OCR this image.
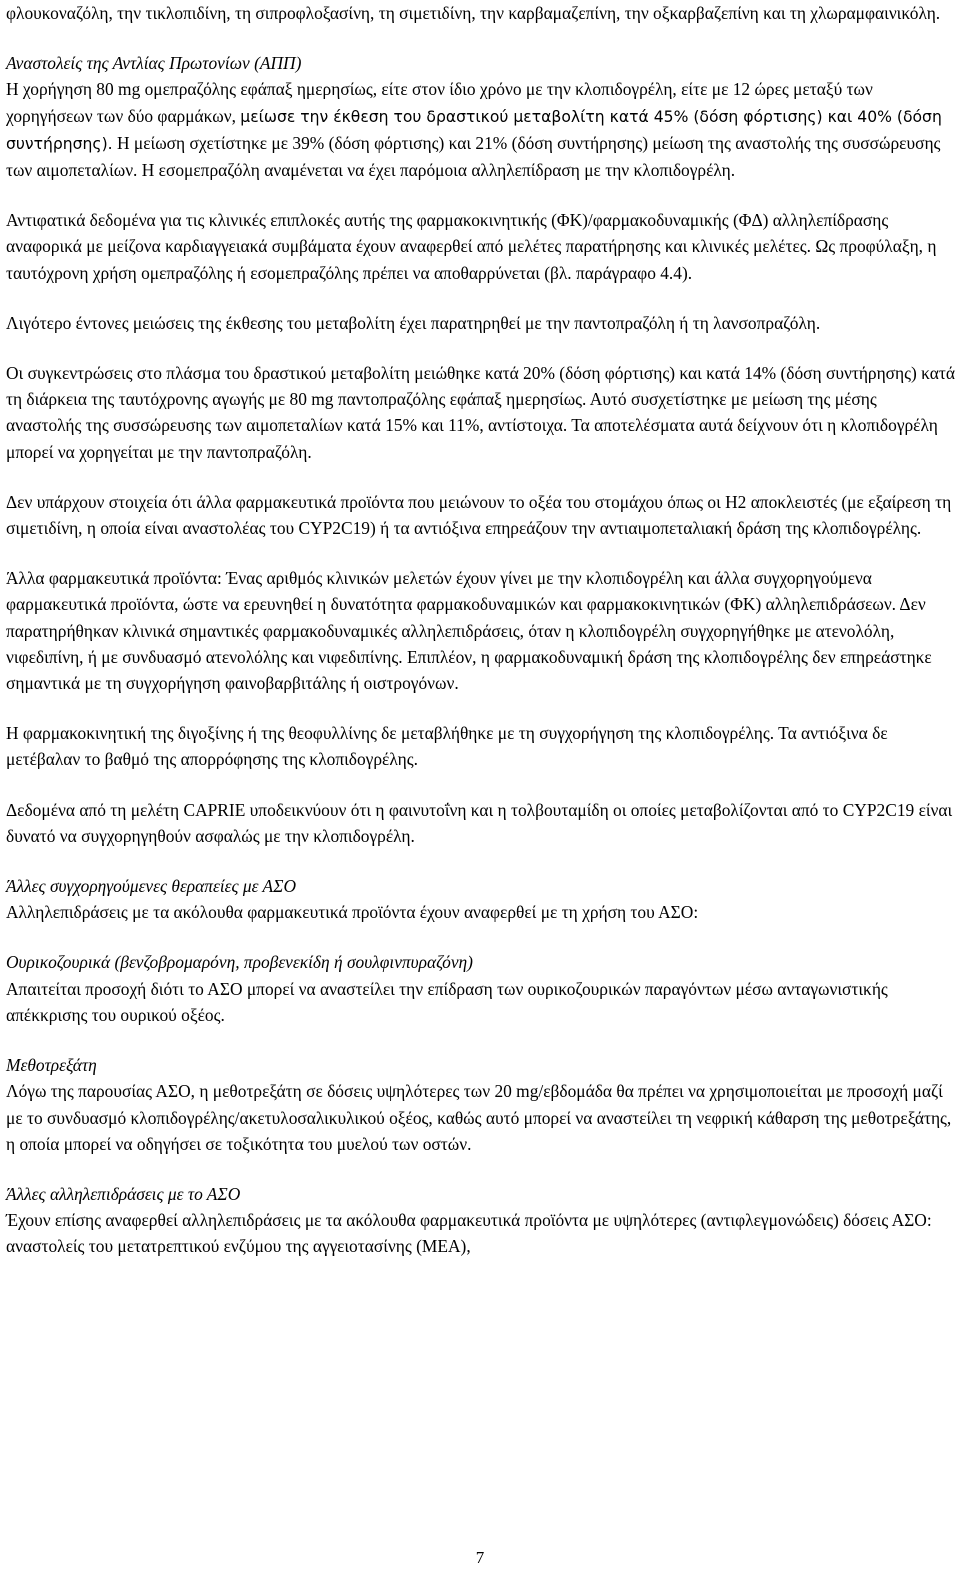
φλουκοναζόλη, την τικλοπιδίνη, τη σιπροφλοξασίνη, τη σιμετιδίνη, την καρβαμαζεπίνη, την οξκαρβαζεπίνη και τη χλωραμφαινικόλη.

Αναστολείς της Αντλίας Πρωτονίων (ΑΠΠ)

Η χορήγηση 80 mg ομεπραζόλης εφάπαξ ημερησίως, είτε στον ίδιο χρόνο με την κλοπιδογρέλη, είτε με 12 ώρες μεταξύ των χορηγήσεων των δύο φαρμάκων, μείωσε την έκθεση του δραστικού μεταβολίτη κατά 45% (δόση φόρτισης) και 40% (δόση συντήρησης). Η μείωση σχετίστηκε με 39% (δόση φόρτισης) και 21% (δόση συντήρησης) μείωση της αναστολής της συσσώρευσης των αιμοπεταλίων. Η εσομεπραζόλη αναμένεται να έχει παρόμοια αλληλεπίδραση με την κλοπιδογρέλη.

Αντιφατικά δεδομένα για τις κλινικές επιπλοκές αυτής της φαρμακοκινητικής (ΦΚ)/φαρμακοδυναμικής (ΦΔ) αλληλεπίδρασης αναφορικά με μείζονα καρδιαγγειακά συμβάματα έχουν αναφερθεί από μελέτες παρατήρησης και κλινικές μελέτες. Ως προφύλαξη, η ταυτόχρονη χρήση ομεπραζόλης ή εσομεπραζόλης πρέπει να αποθαρρύνεται (βλ. παράγραφο 4.4).

Λιγότερο έντονες μειώσεις της έκθεσης του μεταβολίτη έχει παρατηρηθεί με την παντοπραζόλη ή τη λανσοπραζόλη.

Οι συγκεντρώσεις στο πλάσμα του δραστικού μεταβολίτη μειώθηκε κατά 20% (δόση φόρτισης) και κατά 14% (δόση συντήρησης) κατά τη διάρκεια της ταυτόχρονης αγωγής με 80 mg παντοπραζόλης εφάπαξ ημερησίως. Αυτό συσχετίστηκε με μείωση της μέσης αναστολής της συσσώρευσης των αιμοπεταλίων κατά 15% και 11%, αντίστοιχα. Τα αποτελέσματα αυτά δείχνουν ότι η κλοπιδογρέλη μπορεί να χορηγείται με την παντοπραζόλη.

Δεν υπάρχουν στοιχεία ότι άλλα φαρμακευτικά προϊόντα που μειώνουν το οξέα του στομάχου όπως οι H2 αποκλειστές (με εξαίρεση τη σιμετιδίνη, η οποία είναι αναστολέας του CYP2C19) ή τα αντιόξινα επηρεάζουν την αντιαιμοπεταλιακή δράση της κλοπιδογρέλης.

Άλλα φαρμακευτικά προϊόντα: Ένας αριθμός κλινικών μελετών έχουν γίνει με την κλοπιδογρέλη και άλλα συγχορηγούμενα φαρμακευτικά προϊόντα, ώστε να ερευνηθεί η δυνατότητα φαρμακοδυναμικών και φαρμακοκινητικών (ΦΚ) αλληλεπιδράσεων. Δεν παρατηρήθηκαν κλινικά σημαντικές φαρμακοδυναμικές αλληλεπιδράσεις, όταν η κλοπιδογρέλη συγχορηγήθηκε με ατενολόλη, νιφεδιπίνη, ή με συνδυασμό ατενολόλης και νιφεδιπίνης. Επιπλέον, η φαρμακοδυναμική δράση της κλοπιδογρέλης δεν επηρεάστηκε σημαντικά με τη συγχορήγηση φαινοβαρβιτάλης ή οιστρογόνων.

Η φαρμακοκινητική της διγοξίνης ή της θεοφυλλίνης δε μεταβλήθηκε με τη συγχορήγηση της κλοπιδογρέλης. Τα αντιόξινα δε μετέβαλαν το βαθμό της απορρόφησης της κλοπιδογρέλης.

Δεδομένα από τη μελέτη CAPRIE υποδεικνύουν ότι η φαινυτοΐνη και η τολβουταμίδη οι οποίες μεταβολίζονται από το CYP2C19 είναι δυνατό να συγχορηγηθούν ασφαλώς με την κλοπιδογρέλη.

Άλλες συγχορηγούμενες θεραπείες με ΑΣΟ

Αλληλεπιδράσεις με τα ακόλουθα φαρμακευτικά προϊόντα έχουν αναφερθεί με τη χρήση του ΑΣΟ:

Ουρικοζουρικά (βενζοβρομαρόνη, προβενεκίδη ή σουλφινπυραζόνη)

Απαιτείται προσοχή διότι το ΑΣΟ μπορεί να αναστείλει την επίδραση των ουρικοζουρικών παραγόντων μέσω ανταγωνιστικής απέκκρισης του ουρικού οξέος.

Μεθοτρεξάτη

Λόγω της παρουσίας ΑΣΟ, η μεθοτρεξάτη σε δόσεις υψηλότερες των 20 mg/εβδομάδα θα πρέπει να χρησιμοποιείται με προσοχή μαζί με το συνδυασμό κλοπιδογρέλης/ακετυλοσαλικυλικού οξέος, καθώς αυτό μπορεί να αναστείλει τη νεφρική κάθαρση της μεθοτρεξάτης, η οποία μπορεί να οδηγήσει σε τοξικότητα του μυελού των οστών.

Άλλες αλληλεπιδράσεις με το ΑΣΟ

Έχουν επίσης αναφερθεί αλληλεπιδράσεις με τα ακόλουθα φαρμακευτικά προϊόντα με υψηλότερες (αντιφλεγμονώδεις) δόσεις ΑΣΟ: αναστολείς του μετατρεπτικού ενζύμου της αγγειοτασίνης (ΜΕΑ),

7
